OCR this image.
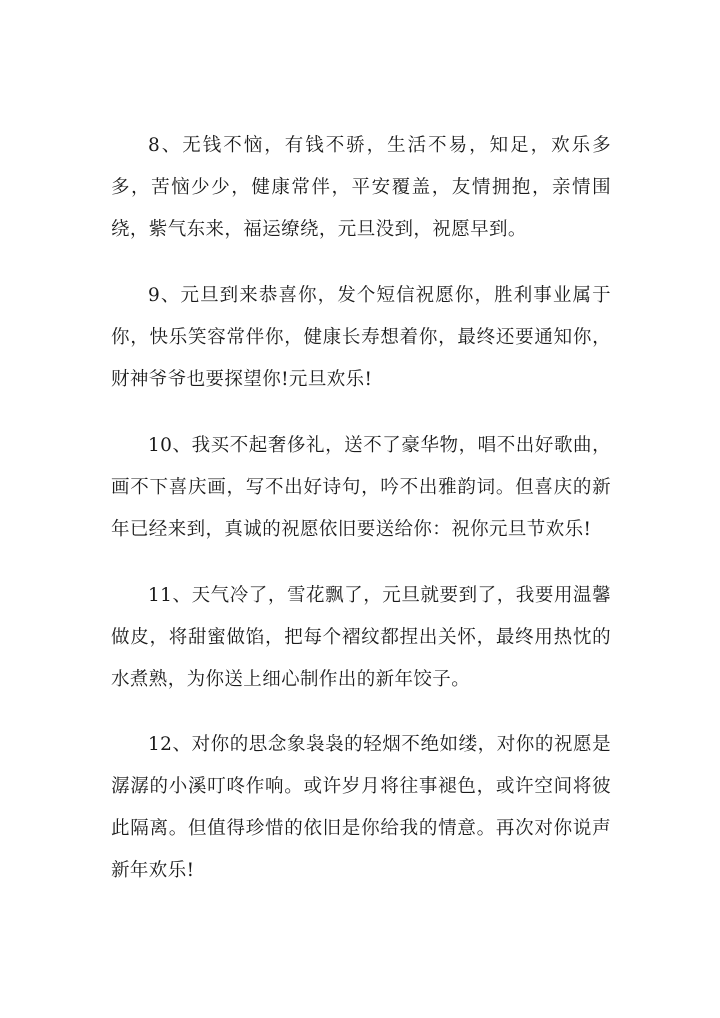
8、无钱不恼，有钱不骄，生活不易，知足，欢乐多多，苦恼少少，健康常伴，平安覆盖，友情拥抱，亲情围绕，紫气东来，福运缭绕，元旦没到，祝愿早到。

9、元旦到来恭喜你，发个短信祝愿你，胜利事业属于你，快乐笑容常伴你，健康长寿想着你，最终还要通知你，财神爷爷也要探望你!元旦欢乐!

10、我买不起奢侈礼，送不了豪华物，唱不出好歌曲，画不下喜庆画，写不出好诗句，吟不出雅韵词。但喜庆的新年已经来到，真诚的祝愿依旧要送给你：祝你元旦节欢乐!

11、天气冷了，雪花飘了，元旦就要到了，我要用温馨做皮，将甜蜜做馅，把每个褶纹都捏出关怀，最终用热忱的水煮熟，为你送上细心制作出的新年饺子。

12、对你的思念象袅袅的轻烟不绝如缕，对你的祝愿是潺潺的小溪叮咚作响。或许岁月将往事褪色，或许空间将彼此隔离。但值得珍惜的依旧是你给我的情意。再次对你说声新年欢乐!
